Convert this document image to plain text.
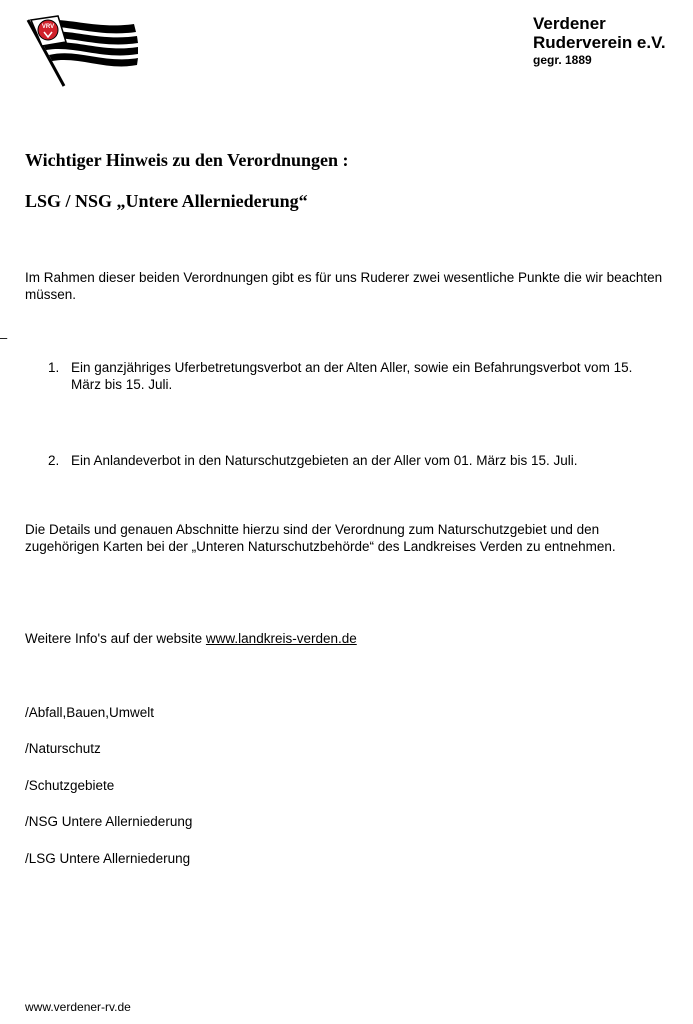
VRV	Verdener
Ruderverein e.V.
gegr. 1889
Wichtiger Hinweis zu den Verordnungen :
LSG / NSG „Untere Allerniederung“
Im Rahmen dieser beiden Verordnungen gibt es für uns Ruderer zwei wesentliche Punkte die wir beachten müssen.
–
1. Ein ganzjähriges Uferbetretungsverbot an der Alten Aller, sowie ein Befahrungsverbot vom 15. März bis 15. Juli.
2. Ein Anlandeverbot in den Naturschutzgebieten an der Aller vom 01. März bis 15. Juli.
Die Details und genauen Abschnitte hierzu sind der Verordnung zum Naturschutzgebiet und den zugehörigen Karten bei der „Unteren Naturschutzbehörde“ des Landkreises Verden zu entnehmen.
Weitere Info's auf der website www.landkreis-verden.de
/Abfall,Bauen,Umwelt
/Naturschutz
/Schutzgebiete
/NSG Untere Allerniederung
/LSG Untere Allerniederung
www.verdener-rv.de
